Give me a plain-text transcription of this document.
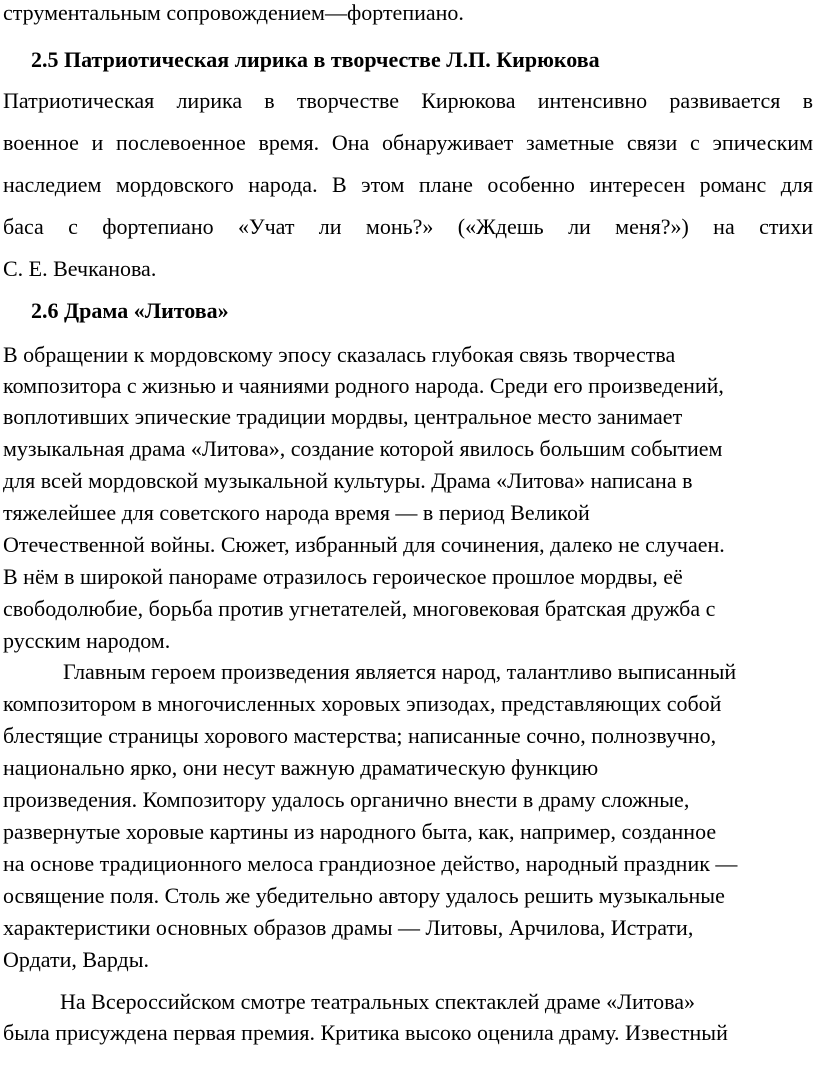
струментальным сопровождением—фортепиано.
2.5 Патриотическая лирика в творчестве Л.П. Кирюкова
Патриотическая лирика в творчестве Кирюкова интенсивно развивается в
военное и послевоенное время. Она обнаруживает заметные связи с эпическим
наследием мордовского народа. В этом плане особенно интересен романс для
баса с фортепиано «Учат ли монь?» («Ждешь ли меня?») на стихи
С. Е. Вечканова.
2.6 Драма «Литова»
В обращении к мордовскому эпосу сказалась глубокая связь творчества
композитора с жизнью и чаяниями родного народа. Среди его произведений,
воплотивших эпические традиции мордвы, центральное место занимает
музыкальная драма «Литова», создание которой явилось большим событием
для всей мордовской музыкальной культуры. Драма «Литова» написана в
тяжелейшее для советского народа время — в период Великой
Отечественной войны. Сюжет, избранный для сочинения, далеко не случаен.
В нём в широкой панораме отразилось героическое прошлое мордвы, её
свободолюбие, борьба против угнетателей, многовековая братская дружба с
русским народом.
Главным героем произведения является народ, талантливо выписанный
композитором в многочисленных хоровых эпизодах, представляющих собой
блестящие страницы хорового мастерства; написанные сочно, полнозвучно,
национально ярко, они несут важную драматическую функцию
произведения. Композитору удалось органично внести в драму сложные,
развернутые хоровые картины из народного быта, как, например, созданное
на основе традиционного мелоса грандиозное действо, народный праздник —
освящение поля. Столь же убедительно автору удалось решить музыкальные
характеристики основных образов драмы — Литовы, Арчилова, Истрати,
Ордати, Варды.
На Всероссийском смотре театральных спектаклей драме «Литова»
была присуждена первая премия. Критика высоко оценила драму. Известный
